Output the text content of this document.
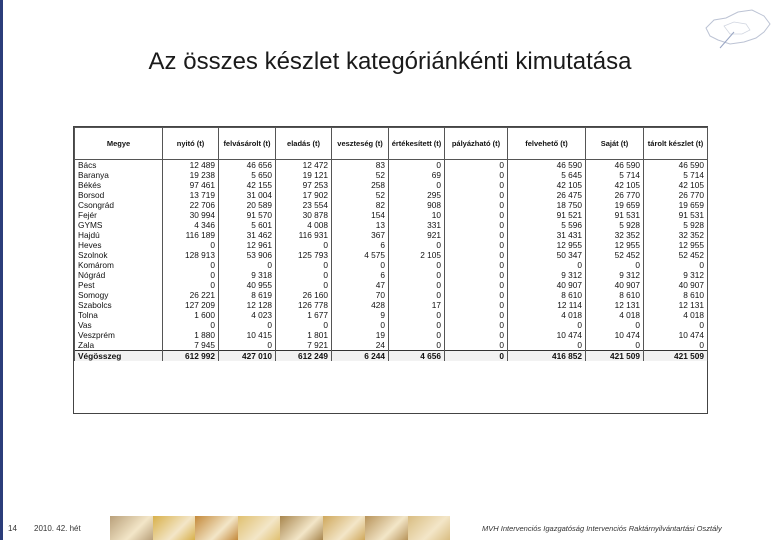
Az összes készlet kategóriánkénti kimutatása
Megye	nyitó (t)	felvásárolt (t)	eladás (t)	veszteség (t)	értékesített (t)	pályázható (t)	felvehető (t)	Saját (t)	tárolt készlet (t)
Bács	12 489	46 656	12 472	83	0	0	46 590	46 590	46 590
Baranya	19 238	5 650	19 121	52	69	0	5 645	5 714	5 714
Békés	97 461	42 155	97 253	258	0	0	42 105	42 105	42 105
Borsod	13 719	31 004	17 902	52	295	0	26 475	26 770	26 770
Csongrád	22 706	20 589	23 554	82	908	0	18 750	19 659	19 659
Fejér	30 994	91 570	30 878	154	10	0	91 521	91 531	91 531
GYMS	4 346	5 601	4 008	13	331	0	5 596	5 928	5 928
Hajdú	116 189	31 462	116 931	367	921	0	31 431	32 352	32 352
Heves	0	12 961	0	6	0	0	12 955	12 955	12 955
Szolnok	128 913	53 906	125 793	4 575	2 105	0	50 347	52 452	52 452
Komárom	0	0	0	0	0	0	0	0	0
Nógrád	0	9 318	0	6	0	0	9 312	9 312	9 312
Pest	0	40 955	0	47	0	0	40 907	40 907	40 907
Somogy	26 221	8 619	26 160	70	0	0	8 610	8 610	8 610
Szabolcs	127 209	12 128	126 778	428	17	0	12 114	12 131	12 131
Tolna	1 600	4 023	1 677	9	0	0	4 018	4 018	4 018
Vas	0	0	0	0	0	0	0	0	0
Veszprém	1 880	10 415	1 801	19	0	0	10 474	10 474	10 474
Zala	7 945	0	7 921	24	0	0	0	0	0
Végösszeg	612 992	427 010	612 249	6 244	4 656	0	416 852	421 509	421 509
14 2010. 42. hét	MVH Intervenciós Igazgatóság Intervenciós Raktárnyilvántartási Osztály
